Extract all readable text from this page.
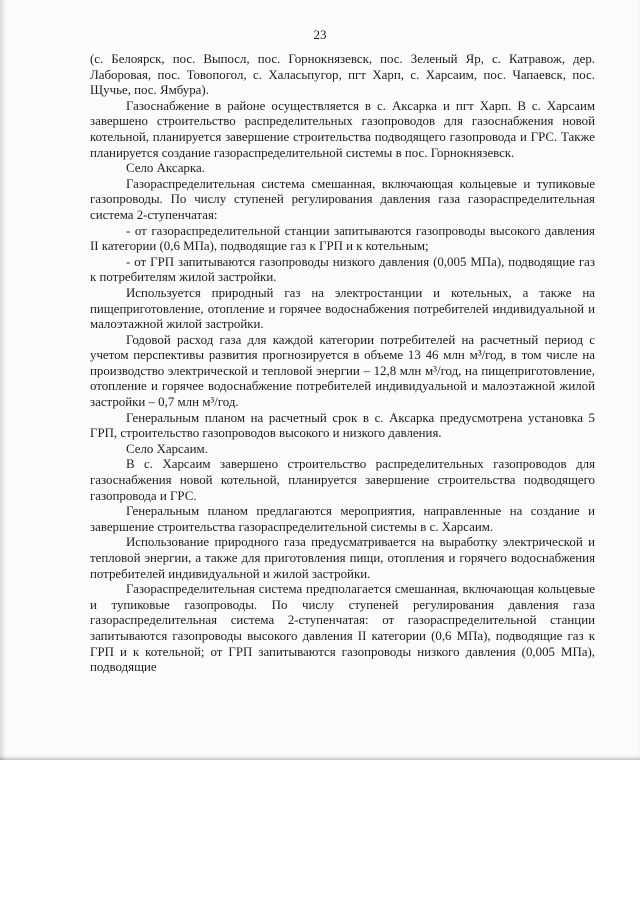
23

(с. Белоярск, пос. Выпосл, пос. Горнокнязевск, пос. Зеленый Яр, с. Катравож, дер. Лаборовая, пос. Товопогол, с. Халасьпугор, пгт Харп, с. Харсаим, пос. Чапаевск, пос. Щучье, пос. Ямбура).

Газоснабжение в районе осуществляется в с. Аксарка и пгт Харп. В с. Харсаим завершено строительство распределительных газопроводов для газоснабжения новой котельной, планируется завершение строительства подводящего газопровода и ГРС. Также планируется создание газораспределительной системы в пос. Горнокнязевск.

Село Аксарка.

Газораспределительная система смешанная, включающая кольцевые и тупиковые газопроводы. По числу ступеней регулирования давления газа газораспределительная система 2-ступенчатая:

- от газораспределительной станции запитываются газопроводы высокого давления II категории (0,6 МПа), подводящие газ к ГРП и к котельным;

- от ГРП запитываются газопроводы низкого давления (0,005 МПа), подводящие газ к потребителям жилой застройки.

Используется природный газ на электростанции и котельных, а также на пищеприготовление, отопление и горячее водоснабжения потребителей индивидуальной и малоэтажной жилой застройки.

Годовой расход газа для каждой категории потребителей на расчетный период с учетом перспективы развития прогнозируется в объеме 13 46 млн м³/год, в том числе на производство электрической и тепловой энергии – 12,8 млн м³/год, на пищеприготовление, отопление и горячее водоснабжение потребителей индивидуальной и малоэтажной жилой застройки – 0,7 млн м³/год.

Генеральным планом на расчетный срок в с. Аксарка предусмотрена установка 5 ГРП, строительство газопроводов высокого и низкого давления.

Село Харсаим.

В с. Харсаим завершено строительство распределительных газопроводов для газоснабжения новой котельной, планируется завершение строительства подводящего газопровода и ГРС.

Генеральным планом предлагаются мероприятия, направленные на создание и завершение строительства газораспределительной системы в с. Харсаим.

Использование природного газа предусматривается на выработку электрической и тепловой энергии, а также для приготовления пищи, отопления и горячего водоснабжения потребителей индивидуальной и жилой застройки.

Газораспределительная система предполагается смешанная, включающая кольцевые и тупиковые газопроводы. По числу ступеней регулирования давления газа газораспределительная система 2-ступенчатая: от газораспределительной станции запитываются газопроводы высокого давления II категории (0,6 МПа), подводящие газ к ГРП и к котельной; от ГРП запитываются газопроводы низкого давления (0,005 МПа), подводящие
